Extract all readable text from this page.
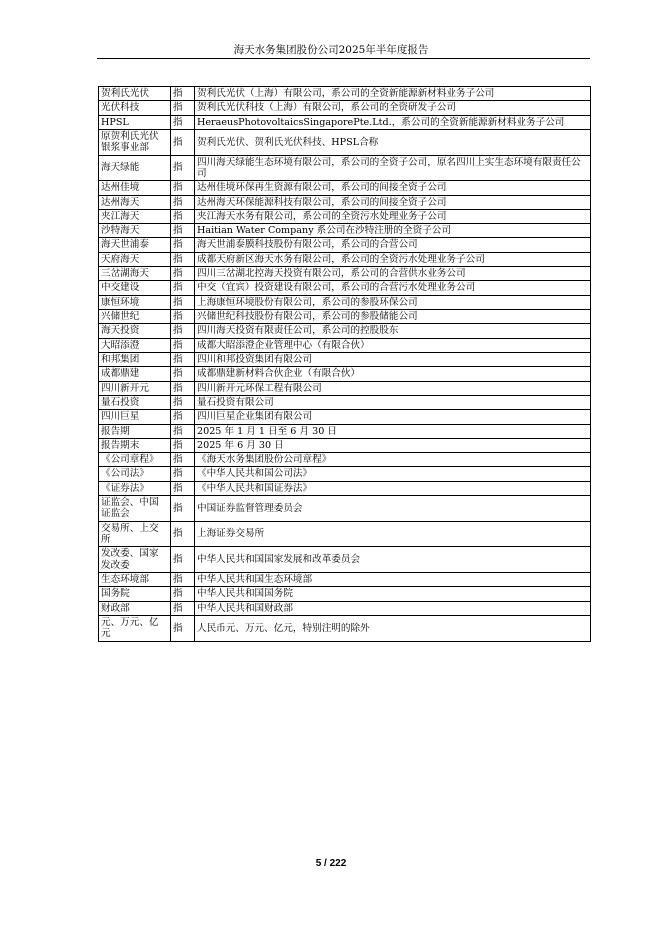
海天水务集团股份公司2025年半年度报告
贺利氏光伏	指	贺利氏光伏（上海）有限公司，系公司的全资新能源新材料业务子公司
光伏科技	指	贺利氏光伏科技（上海）有限公司，系公司的全资研发子公司
HPSL	指	HeraeusPhotovoltaicsSingaporePte.Ltd.，系公司的全资新能源新材料业务子公司
原贺利氏光伏银浆事业部	指	贺利氏光伏、贺利氏光伏科技、HPSL合称
海天绿能	指	四川海天绿能生态环境有限公司，系公司的全资子公司，原名四川上实生态环境有限责任公司
达州佳境	指	达州佳境环保再生资源有限公司，系公司的间接全资子公司
达州海天	指	达州海天环保能源科技有限公司，系公司的间接全资子公司
夹江海天	指	夹江海天水务有限公司，系公司的全资污水处理业务子公司
沙特海天	指	Haitian Water Company 系公司在沙特注册的全资子公司
海天世浦泰	指	海天世浦泰膜科技股份有限公司，系公司的合营公司
天府海天	指	成都天府新区海天水务有限公司，系公司的全资污水处理业务子公司
三岔湖海天	指	四川三岔湖北控海天投资有限公司，系公司的合营供水业务公司
中交建设	指	中交（宜宾）投资建设有限公司，系公司的合营污水处理业务公司
康恒环境	指	上海康恒环境股份有限公司，系公司的参股环保公司
兴储世纪	指	兴储世纪科技股份有限公司，系公司的参股储能公司
海天投资	指	四川海天投资有限责任公司，系公司的控股股东
大昭添澄	指	成都大昭添澄企业管理中心（有限合伙）
和邦集团	指	四川和邦投资集团有限公司
成都鼎建	指	成都鼎建新材料合伙企业（有限合伙）
四川新开元	指	四川新开元环保工程有限公司
量石投资	指	量石投资有限公司
四川巨星	指	四川巨星企业集团有限公司
报告期	指	2025 年 1 月 1 日至 6 月 30 日
报告期末	指	2025 年 6 月 30 日
《公司章程》	指	《海天水务集团股份公司章程》
《公司法》	指	《中华人民共和国公司法》
《证券法》	指	《中华人民共和国证券法》
证监会、中国证监会	指	中国证券监督管理委员会
交易所、上交所	指	上海证券交易所
发改委、国家发改委	指	中华人民共和国国家发展和改革委员会
生态环境部	指	中华人民共和国生态环境部
国务院	指	中华人民共和国国务院
财政部	指	中华人民共和国财政部
元、万元、亿元	指	人民币元、万元、亿元，特别注明的除外
5 / 222
